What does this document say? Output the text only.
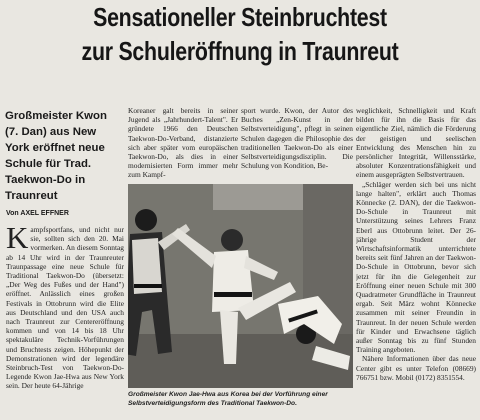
Sensationeller Steinbruchtest
zur Schuleröffnung in Traunreut
Großmeister Kwon (7. Dan) aus New York eröffnet neue Schule für Trad. Taekwon-Do in Traunreut
Von AXEL EFFNER

Kampfsportfans, und nicht nur sie, sollten sich den 20. Mai vormerken. An diesem Sonntag ab 14 Uhr wird in der Traunreuter Traunpassage eine neue Schule für Traditional Taekwon-Do (übersetzt: „Der Weg des Fußes und der Hand") eröffnet. Anlässlich eines großen Festivals in Ottobrunn wird die Elite aus Deutschland und den USA auch nach Traunreut zur Centereröffnung kommen und von 14 bis 18 Uhr spektakuläre Technik-Vorführungen und Bruchtests zeigen. Höhepunkt der Demonstrationen wird der legendäre Steinbruch-Test von Taekwon-Do-Legende Kwon Jae-Hwa aus New York sein. Der heute 64-Jährige

Koreaner galt bereits in seiner Jugend als „Jahrhundert-Talent". Er gründete 1966 den Deutschen Taekwon-Do-Verband, distanzierte sich aber später vom europäischen Taekwon-Do, als dies in einer modernisierten Form immer mehr zum Kampf-

sport wurde. Kwon, der Autor des Buches „Zen-Kunst in der Selbstverteidigung", pflegt in seinen Schulen dagegen die Philosophie des traditionellen Taekwon-Do als einer Selbstverteidigungsdisziplin. Die Schulung von Kondition, Be-

weglichkeit, Schnelligkeit und Kraft bilden für ihn die Basis für das eigentliche Ziel, nämlich die Förderung der geistigen und seelischen Entwicklung des Menschen hin zu persönlicher Integrität, Willensstärke, absoluter Konzentrationsfähigkeit und einem ausgeprägten Selbstvertrauen.

„Schläger werden sich bei uns nicht lange halten", erklärt auch Thomas Könnecke (2. DAN), der die Taekwon-Do-Schule in Traunreut mit Unterstützung seines Lehrers Franz Eberl aus Ottobrunn leitet. Der 26-jährige Student der Wirtschaftsinformatik unterrichtete bereits seit fünf Jahren an der Taekwon-Do-Schule in Ottobrunn, bevor sich jetzt für ihn die Gelegenheit zur Eröffnung einer neuen Schule mit 300 Quadratmeter Grundfläche in Traunreut ergab. Seit März wohnt Könnecke zusammen mit seiner Freundin in Traunreut. In der neuen Schule werden für Kinder und Erwachsene täglich außer Sonntag bis zu fünf Stunden Training angeboten.

Nähere Informationen über das neue Center gibt es unter Telefon (08669) 766751 bzw. Mobil (0172) 8351554.

Großmeister Kwon Jae-Hwa aus Korea bei der Vorführung einer Selbstverteidigungsform des Traditional Taekwon-Do.
